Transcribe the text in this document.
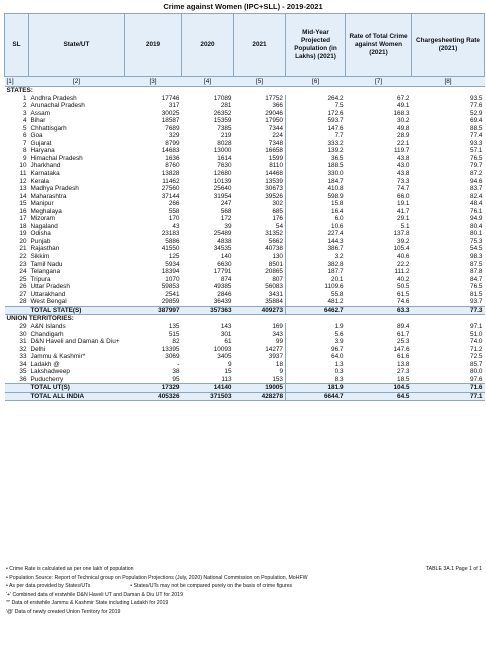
Crime against Women (IPC+SLL) - 2019-2021
SL	State/UT	2019	2020	2021	Mid-Year Projected Population (in Lakhs) (2021)	Rate of Total Crime against Women (2021)	Chargesheeting Rate (2021)
[1]	[2]	[3]	[4]	[5]	[6]	[7]	[8]
STATES:							
1	Andhra Pradesh	17746	17089	17752	264.2	67.2	93.5
2	Arunachal Pradesh	317	281	366	7.5	49.1	77.6
3	Assam	30025	26352	29046	172.6	168.3	52.9
4	Bihar	18587	15359	17950	593.7	30.2	69.4
5	Chhattisgarh	7689	7385	7344	147.6	49.8	88.5
6	Goa	329	219	224	7.7	28.9	77.4
7	Gujarat	8799	8028	7348	333.2	22.1	93.3
8	Haryana	14683	13000	16658	139.2	119.7	57.1
9	Himachal Pradesh	1636	1614	1599	36.5	43.8	76.5
10	Jharkhand	8760	7630	8110	188.5	43.0	79.7
11	Karnataka	13828	12680	14468	330.0	43.8	87.2
12	Kerala	11462	10139	13539	184.7	73.3	94.6
13	Madhya Pradesh	27560	25640	30673	410.8	74.7	83.7
14	Maharashtra	37144	31954	39526	598.9	66.0	82.4
15	Manipur	266	247	302	15.8	19.1	48.4
16	Meghalaya	558	568	685	16.4	41.7	76.1
17	Mizoram	170	172	176	6.0	29.1	94.9
18	Nagaland	43	39	54	10.6	5.1	80.4
19	Odisha	23183	25489	31352	227.4	137.8	80.1
20	Punjab	5886	4838	5662	144.3	39.2	75.3
21	Rajasthan	41550	34535	40738	386.7	105.4	54.5
22	Sikkim	125	140	130	3.2	40.6	98.3
23	Tamil Nadu	5934	6630	8501	382.8	22.2	87.5
24	Telangana	18394	17791	20865	187.7	111.2	87.8
25	Tripura	1070	874	807	20.1	40.2	84.7
26	Uttar Pradesh	59853	49385	56083	1109.6	50.5	76.5
27	Uttarakhand	2541	2846	3431	55.8	61.5	81.5
28	West Bengal	29859	36439	35884	481.2	74.6	93.7
	TOTAL STATE(S)	387997	357363	409273	6462.7	63.3	77.3
UNION TERRITORIES:							
29	A&N Islands	135	143	169	1.9	89.4	97.1
30	Chandigarh	515	301	343	5.6	61.7	51.0
31	D&N Haveli and Daman & Diu+	82	61	99	3.9	25.3	74.0
32	Delhi	13395	10093	14277	96.7	147.6	71.2
33	Jammu & Kashmir*	3069	3405	3937	64.0	61.6	72.5
34	Ladakh @	-	9	18	1.3	13.8	85.7
35	Lakshadweep	38	15	9	0.3	27.3	80.0
36	Puducherry	95	113	153	8.3	18.5	97.6
	TOTAL UT(S)	17329	14140	19005	181.9	104.5	71.6
	TOTAL ALL INDIA	405326	371503	428278	6644.7	64.5	77.1
• Crime Rate is calculated as per one lakh of population	TABLE 3A.1 Page 1 of 1
• Population Source: Report of Technical group on Population Projections (July, 2020) National Commission on Population, MoHFW
• As per data provided by States/UTs	• States/UTs may not be compared purely on the basis of crime figures
'+' Combined data of erstwhile D&N Haveli UT and Daman & Diu UT for 2019
'*' Data of erstwhile Jammu & Kashmir State including Ladakh for 2019
'@' Data of newly created Union Territory for 2019
